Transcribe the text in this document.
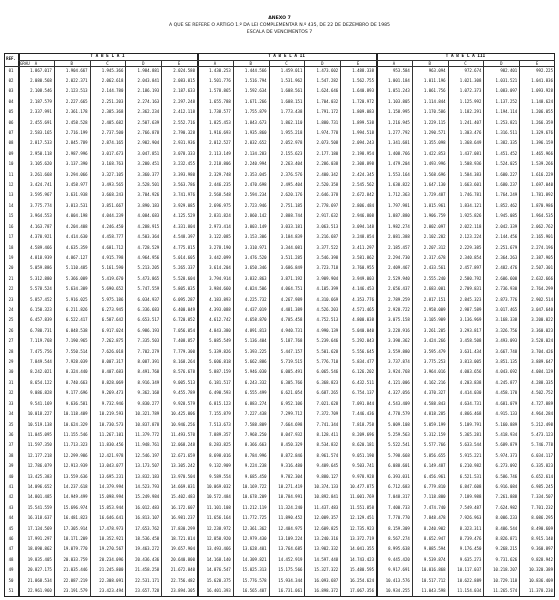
ANEXO 7
A QUE SE REFERE O ARTIGO 1.º DA LEI COMPLEMENTAR N.º 435, DE 22 DE DEZEMBRO DE 1985
ESCALA DE VENCIMENTOS 7
REF.	T A B E L A I
GRAU	A	B	C	D	E
T A B E L A II
A	B	C	D	E
T A B E L A III
A	B	C	D	E
01	1.867.017	1.904.667	1.945.366	1.984.881	2.024.580	1.430.253	1.444.566	1.459.011	1.473.602	1.488.338	953.584	963.094	972.674	982.401	992.225
02	2.080.568	2.022.371	2.062.618	2.043.841	2.083.015	1.501.776	1.516.794	1.531.962	1.547.282	1.562.755	1.001.184	1.011.196	1.021.308	1.031.521	1.041.836
03	2.108.546	2.123.513	2.144.780	2.186.193	2.187.633	1.578.865	1.592.634	1.608.561	1.624.646	1.640.893	1.051.243	1.061.756	1.072.373	1.083.097	1.093.928
04	2.187.579	2.227.665	2.251.203	2.274.163	2.297.248	1.655.788	1.671.266	1.688.151	1.704.032	1.720.972	1.103.805	1.114.844	1.125.992	1.137.252	1.148.624
05	2.337.991	2.361.178	2.385.368	2.362.234	2.412.118	1.738.577	1.755.879	1.773.438	1.791.172	1.809.083	1.158.995	1.170.586	1.182.291	1.194.114	1.206.055
06	2.455.691	2.458.528	2.485.682	2.507.639	2.552.716	1.825.453	1.843.673	1.862.110	1.880.731	1.899.538	1.216.945	1.229.115	1.241.407	1.253.821	1.266.359
07	2.583.165	2.716.199	2.737.500	2.766.878	2.790.328	1.916.693	1.935.860	1.955.218	1.974.770	1.994.518	1.277.792	1.290.571	1.303.476	1.316.511	1.329.676
08	2.817.533	2.845.789	2.874.165	2.902.904	2.931.936	2.012.527	2.032.652	2.052.978	2.073.508	2.094.243	1.341.681	1.355.098	1.368.649	1.382.335	1.396.159
09	2.950.118	2.987.996	3.017.673	3.047.851	3.078.333	2.113.149	2.134.283	2.155.623	2.177.180	2.198.954	1.408.766	1.422.853	1.437.081	1.451.452	1.465.966
10	3.105.620	3.137.390	3.168.763	3.200.451	3.232.455	2.218.806	2.240.994	2.263.404	2.286.038	2.308.898	1.479.204	1.493.996	1.508.936	1.524.025	1.539.266
11	3.261.668	3.294.066	3.327.105	3.360.377	3.393.980	2.329.748	2.353.045	2.376.576	2.400.342	2.424.345	1.553.164	1.568.696	1.584.383	1.600.227	1.616.229
12	3.424.741	3.458.977	3.493.565	3.528.501	3.563.786	2.446.235	2.470.698	2.495.404	2.520.358	2.545.562	1.630.822	1.647.130	1.663.601	1.680.237	1.697.040
13	3.595.967	3.631.938	3.668.243	3.704.926	3.741.976	2.568.548	2.594.234	2.620.176	2.646.378	2.672.842	1.712.363	1.729.487	1.746.781	1.764.249	1.781.892
14	3.775.774	3.813.531	3.851.667	3.890.183	3.929.085	2.696.975	2.723.946	2.751.185	2.778.697	2.806.484	1.797.981	1.815.961	1.834.121	1.852.462	1.870.986
15	3.964.553	4.004.198	4.044.239	4.084.683	4.125.529	2.831.824	2.860.142	2.888.744	2.917.632	2.946.808	1.887.880	1.906.759	1.925.826	1.945.085	1.964.535
16	4.163.787	4.204.408	4.246.450	4.288.915	4.331.804	2.973.414	3.003.149	3.033.181	3.063.513	3.094.148	1.982.274	2.002.097	2.022.118	2.042.339	2.062.762
17	4.370.921	4.414.630	4.458.777	4.503.364	4.548.397	3.122.085	3.153.306	3.184.839	3.216.687	3.248.854	2.081.388	2.102.202	2.123.224	2.144.456	2.165.901
18	4.589.466	4.635.359	4.681.712	4.728.529	4.775.815	3.278.190	3.310.971	3.344.081	3.377.522	3.411.297	2.185.457	2.207.312	2.229.385	2.251.679	2.274.196
19	4.818.939	4.867.127	4.915.798	4.964.956	5.014.605	3.442.099	3.476.520	3.511.285	3.546.398	3.581.862	2.294.730	2.317.678	2.340.854	2.364.263	2.387.905
20	5.059.886	5.110.485	5.161.590	5.213.205	5.265.337	3.614.204	3.650.346	3.686.849	3.723.718	3.760.955	2.409.467	2.433.561	2.457.897	2.482.476	2.507.301
21	5.312.880	5.366.009	5.419.670	5.473.865	5.528.604	3.794.914	3.832.863	3.871.192	3.909.904	3.949.003	2.529.940	2.555.240	2.580.792	2.606.600	2.632.666
22	5.578.524	5.634.309	5.690.652	5.747.559	5.805.035	3.984.660	4.024.506	4.064.751	4.105.399	4.146.453	2.656.437	2.683.001	2.709.831	2.736.930	2.764.299
23	5.857.452	5.916.025	5.975.186	6.034.937	6.095.287	4.183.893	4.225.732	4.267.989	4.310.669	4.353.776	2.789.259	2.817.151	2.845.323	2.873.776	2.902.514
24	6.150.323	6.211.826	6.273.945	6.336.683	6.400.049	4.393.088	4.437.019	4.481.389	4.526.203	4.571.465	2.928.722	2.958.009	2.987.589	3.017.465	3.047.640
25	6.457.839	6.522.417	6.587.642	6.653.517	6.720.052	4.612.742	4.658.870	4.705.458	4.752.513	4.800.038	3.075.158	3.105.909	3.136.969	3.168.338	3.200.022
26	6.780.731	6.848.538	6.917.024	6.986.193	7.056.054	4.843.380	4.891.813	4.940.731	4.990.139	5.040.040	3.228.916	3.261.205	3.293.817	3.326.756	3.360.023
27	7.119.768	7.190.965	7.262.875	7.335.503	7.408.857	5.085.549	5.136.404	5.187.768	5.239.646	5.292.043	3.390.362	3.424.266	3.458.508	3.493.093	3.528.024
28	7.475.756	7.550.514	7.626.018	7.702.279	7.779.300	5.339.826	5.393.225	5.447.157	5.501.628	5.556.645	3.559.880	3.595.479	3.631.434	3.667.748	3.704.426
29	7.849.544	7.928.039	8.007.317	8.087.391	8.168.264	5.606.818	5.662.886	5.719.515	5.776.710	5.834.477	3.737.874	3.775.253	3.813.005	3.851.135	3.889.647
30	8.242.021	8.324.440	8.407.683	8.491.760	8.576.678	5.887.159	5.946.030	6.005.491	6.065.546	6.126.202	3.924.768	3.964.016	4.003.656	4.043.692	4.084.129
31	8.654.122	8.740.663	8.828.069	8.916.349	9.005.513	6.181.517	6.243.332	6.305.766	6.368.823	6.432.511	4.121.006	4.162.216	4.203.838	4.245.877	4.288.335
32	9.086.828	9.177.696	9.269.473	9.362.168	9.455.789	6.490.593	6.555.499	6.621.054	6.687.265	6.754.137	4.327.056	4.370.327	4.414.030	4.458.170	4.502.752
33	9.541.169	9.636.581	9.732.946	9.830.277	9.928.579	6.815.123	6.883.274	6.952.106	7.021.628	7.091.844	4.543.409	4.588.843	4.634.731	4.681.079	4.727.889
34	10.018.227	10.118.409	10.219.593	10.321.789	10.425.006	7.155.879	7.227.438	7.299.712	7.372.709	7.446.436	4.770.579	4.818.285	4.866.468	4.915.133	4.964.284
35	10.519.138	10.624.329	10.730.573	10.837.878	10.946.256	7.513.673	7.588.809	7.664.698	7.741.344	7.818.758	5.009.108	5.059.199	5.109.791	5.160.889	5.212.498
36	11.045.095	11.155.546	11.267.101	11.379.772	11.493.570	7.889.357	7.968.250	8.047.932	8.128.411	8.209.696	5.259.563	5.312.159	5.365.281	5.418.934	5.473.123
37	11.597.350	11.713.323	11.830.456	11.948.761	12.068.248	8.283.825	8.366.663	8.450.329	8.534.832	8.620.181	5.522.541	5.577.766	5.633.544	5.689.879	5.746.778
38	12.177.218	12.299.986	12.421.978	12.546.197	12.671.659	8.698.016	8.784.996	8.872.846	8.961.574	9.051.190	5.798.668	5.856.655	5.915.221	5.974.373	6.034.117
39	12.786.079	12.913.939	13.043.077	13.173.507	13.305.242	9.132.909	9.224.238	9.316.480	9.409.645	9.503.741	6.088.601	6.149.487	6.210.982	6.273.092	6.335.823
40	13.425.383	13.559.636	13.695.231	13.832.183	13.970.504	9.589.554	9.685.450	9.782.304	9.880.127	9.978.928	6.393.031	6.456.961	6.521.531	6.586.746	6.652.614
41	14.096.652	14.237.618	14.379.994	14.523.793	14.669.031	10.069.032	10.169.722	10.271.419	10.374.133	10.477.875	6.712.683	6.779.810	6.847.608	6.916.084	6.985.245
42	14.801.485	14.949.499	15.098.994	15.249.984	15.402.483	10.572.484	10.678.209	10.784.991	10.892.841	11.001.769	7.048.317	7.118.800	7.189.988	7.261.888	7.334.507
43	15.541.559	15.696.974	15.853.944	16.012.483	16.172.607	11.101.108	11.212.119	11.324.240	11.437.483	11.551.858	7.400.733	7.474.740	7.549.487	7.624.982	7.701.232
44	16.318.637	16.481.823	16.646.641	16.813.107	16.981.237	11.656.164	11.772.725	11.890.452	12.009.357	12.129.451	7.770.770	7.848.478	7.926.963	8.006.233	8.086.295
45	17.134.569	17.305.914	17.478.973	17.653.762	17.830.299	12.238.972	12.361.362	12.484.975	12.609.825	12.735.923	8.159.309	8.240.902	8.323.311	8.406.544	8.490.609
46	17.991.297	18.171.209	18.352.921	18.536.450	18.721.814	12.850.920	12.979.430	13.109.224	13.240.316	13.372.719	8.567.274	8.652.947	8.739.476	8.826.871	8.915.140
47	18.890.862	19.079.770	19.270.567	19.463.272	19.657.904	13.493.466	13.628.401	13.764.685	13.902.332	14.041.355	8.995.638	9.085.594	9.176.450	9.268.215	9.360.897
48	19.835.405	20.033.759	20.234.096	20.436.436	20.640.800	14.168.140	14.309.821	14.452.919	14.597.448	14.743.423	9.445.420	9.539.874	9.635.273	9.731.626	9.828.942
49	20.827.175	21.035.446	21.245.800	21.458.258	21.672.840	14.876.547	15.025.313	15.175.566	15.327.322	15.480.595	9.917.691	10.016.868	10.117.037	10.218.207	10.320.389
50	21.868.534	22.087.219	22.308.091	22.531.171	22.756.482	15.620.375	15.776.578	15.934.344	16.093.687	16.254.624	10.413.576	10.517.712	10.622.889	10.729.118	10.836.409
51	22.961.960	23.191.579	23.423.494	23.657.728	23.894.305	16.401.393	16.565.407	16.731.061	16.898.372	17.067.356	10.934.255	11.043.598	11.154.034	11.265.574	11.378.230
